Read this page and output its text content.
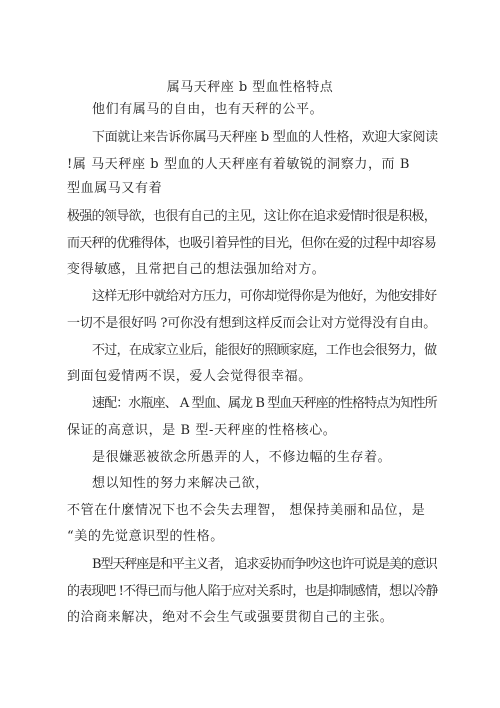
属马天秤座 b 型血性格特点
他们有属马的自由，也有天秤的公平。
下面就让来告诉你属马天秤座 b 型血的人性格，欢迎大家阅读
!属 马天秤座 b 型血的人天秤座有着敏锐的洞察力，而 B
型血属马又有着
极强的领导欲，也很有自己的主见，这让你在追求爱情时很是积极，
而天秤的优雅得体，也吸引着异性的目光，但你在爱的过程中却容易
变得敏感，且常把自己的想法强加给对方。
这样无形中就给对方压力，可你却觉得你是为他好，为他安排好
一切不是很好吗 ?可你没有想到这样反而会让对方觉得没有自由。
不过，在成家立业后，能很好的照顾家庭，工作也会很努力，做
到面包爱情两不误，爱人会觉得很幸福。
速配：水瓶座、 A 型血、属龙 B 型血天秤座的性格特点为知性所
保证的高意识，是 B 型-天秤座的性格核心。
是很嫌恶被欲念所愚弄的人，不修边幅的生存着。
想以知性的努力来解决己欲，
不管在什麼情况下也不会失去理智， 想保持美丽和品位，是
“美的先觉意识型的性格。
B型天秤座是和平主义者， 追求妥协而争吵这也许可说是美的意识
的表现吧 !不得已而与他人陷于应对关系时，也是抑制感情，想以冷静
的洽商来解决，绝对不会生气或强要贯彻自己的主张。
